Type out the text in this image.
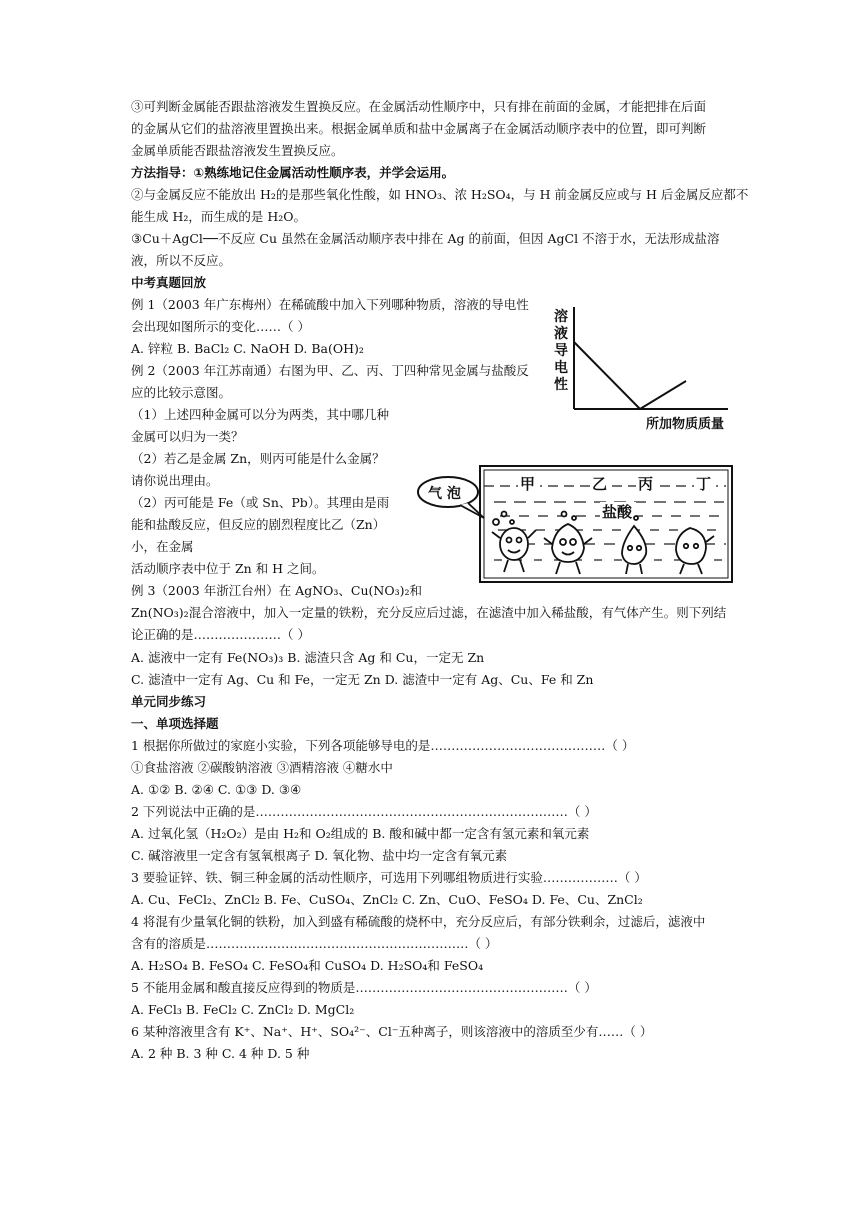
③可判断金属能否跟盐溶液发生置换反应。在金属活动性顺序中，只有排在前面的金属，才能把排在后面
的金属从它们的盐溶液里置换出来。根据金属单质和盐中金属离子在金属活动顺序表中的位置，即可判断
金属单质能否跟盐溶液发生置换反应。
方法指导：①熟练地记住金属活动性顺序表，并学会运用。
②与金属反应不能放出 H₂的是那些氧化性酸，如 HNO₃、浓 H₂SO₄，与 H 前金属反应或与 H 后金属反应都不
能生成 H₂，而生成的是 H₂O。
③Cu＋AgCl──不反应 Cu 虽然在金属活动顺序表中排在 Ag 的前面，但因 AgCl 不溶于水，无法形成盐溶
液，所以不反应。
中考真题回放
例 1（2003 年广东梅州）在稀硫酸中加入下列哪种物质，溶液的导电性
会出现如图所示的变化……（ ）
A. 锌粒 B. BaCl₂ C. NaOH D. Ba(OH)₂
例 2（2003 年江苏南通）右图为甲、乙、丙、丁四种常见金属与盐酸反
应的比较示意图。
（1）上述四种金属可以分为两类，其中哪几种
金属可以归为一类？
（2）若乙是金属 Zn，则丙可能是什么金属？
请你说出理由。
（2）丙可能是 Fe（或 Sn、Pb）。其理由是雨
能和盐酸反应，但反应的剧烈程度比乙（Zn）
小，在金属
活动顺序表中位于 Zn 和 H 之间。
例 3（2003 年浙江台州）在 AgNO₃、Cu(NO₃)₂和
Zn(NO₃)₂混合溶液中，加入一定量的铁粉，充分反应后过滤，在滤渣中加入稀盐酸，有气体产生。则下列结
论正确的是…………………（ ）
A. 滤液中一定有 Fe(NO₃)₃ B. 滤渣只含 Ag 和 Cu，一定无 Zn
C. 滤渣中一定有 Ag、Cu 和 Fe，一定无 Zn D. 滤渣中一定有 Ag、Cu、Fe 和 Zn
单元同步练习
一、单项选择题
1 根据你所做过的家庭小实验，下列各项能够导电的是……………………………………（ ）
①食盐溶液 ②碳酸钠溶液 ③酒精溶液 ④糖水中
A. ①② B. ②④ C. ①③ D. ③④
2 下列说法中正确的是…………………………………………………………………（ ）
A. 过氧化氢（H₂O₂）是由 H₂和 O₂组成的 B. 酸和碱中都一定含有氢元素和氧元素
C. 碱溶液里一定含有氢氧根离子 D. 氧化物、盐中均一定含有氧元素
3 要验证锌、铁、铜三种金属的活动性顺序，可选用下列哪组物质进行实验………………（ ）
A. Cu、FeCl₂、ZnCl₂ B. Fe、CuSO₄、ZnCl₂ C. Zn、CuO、FeSO₄ D. Fe、Cu、ZnCl₂
4 将混有少量氧化铜的铁粉，加入到盛有稀硫酸的烧杯中，充分反应后，有部分铁剩余，过滤后，滤液中
含有的溶质是………………………………………………………（ ）
A. H₂SO₄ B. FeSO₄ C. FeSO₄和 CuSO₄ D. H₂SO₄和 FeSO₄
5 不能用金属和酸直接反应得到的物质是……………………………………………（ ）
A. FeCl₃ B. FeCl₂ C. ZnCl₂ D. MgCl₂
6 某种溶液里含有 K⁺、Na⁺、H⁺、SO₄²⁻、Cl⁻五种离子，则该溶液中的溶质至少有……（ ）
A. 2 种 B. 3 种 C. 4 种 D. 5 种
溶
液
导
电
性
所加物质质量
甲	乙 丙	丁
盐酸
气 泡
